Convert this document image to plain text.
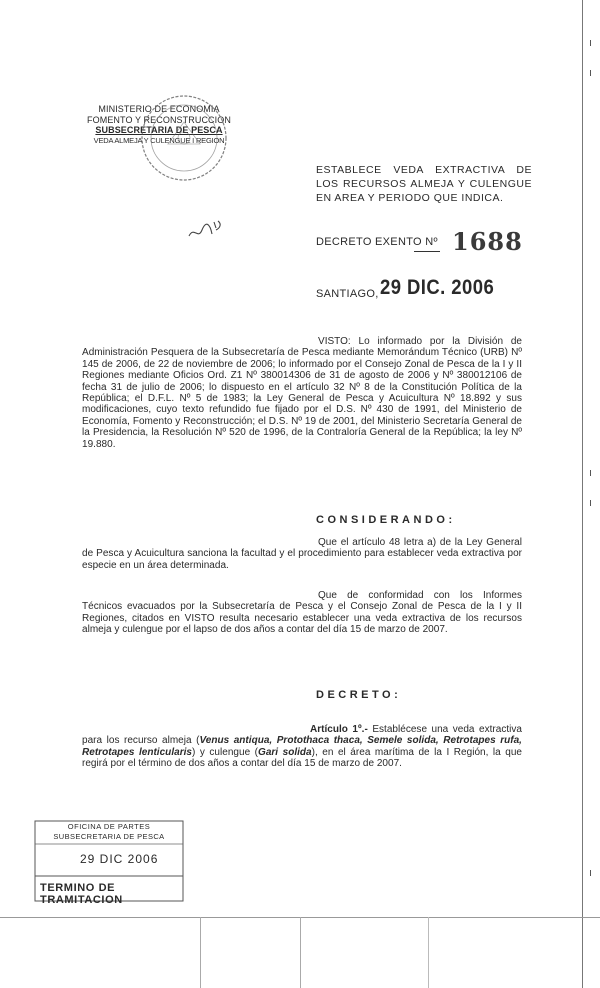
MINISTERIO DE ECONOMIA
FOMENTO Y RECONSTRUCCION
SUBSECRETARIA DE PESCA
VEDA ALMEJA Y CULENGUE I REGION
ESTABLECE VEDA EXTRACTIVA DE LOS RECURSOS ALMEJA Y CULENGUE EN AREA Y PERIODO QUE INDICA.
DECRETO EXENTO Nº 1688
SANTIAGO, 29 DIC. 2006
VISTO: Lo informado por la División de Administración Pesquera de la Subsecretaría de Pesca mediante Memorándum Técnico (URB) Nº 145 de 2006, de 22 de noviembre de 2006; lo informado por el Consejo Zonal de Pesca de la I y II Regiones mediante Oficios Ord. Z1 Nº 380014306 de 31 de agosto de 2006 y Nº 380012106 de fecha 31 de julio de 2006; lo dispuesto en el artículo 32 Nº 8 de la Constitución Política de la República; el D.F.L. Nº 5 de 1983; la Ley General de Pesca y Acuicultura Nº 18.892 y sus modificaciones, cuyo texto refundido fue fijado por el D.S. Nº 430 de 1991, del Ministerio de Economía, Fomento y Reconstrucción; el D.S. Nº 19 de 2001, del Ministerio Secretaría General de la Presidencia, la Resolución Nº 520 de 1996, de la Contraloría General de la República; la ley Nº 19.880.
CONSIDERANDO:
Que el artículo 48 letra a) de la Ley General de Pesca y Acuicultura sanciona la facultad y el procedimiento para establecer veda extractiva por especie en un área determinada.
Que de conformidad con los Informes Técnicos evacuados por la Subsecretaría de Pesca y el Consejo Zonal de Pesca de la I y II Regiones, citados en VISTO resulta necesario establecer una veda extractiva de los recursos almeja y culengue por el lapso de dos años a contar del día 15 de marzo de 2007.
DECRETO:
Artículo 1º.- Establécese una veda extractiva para los recurso almeja (Venus antiqua, Protothaca thaca, Semele solida, Retrotapes rufa, Retrotapes lenticularis) y culengue (Gari solida), en el área marítima de la I Región, la que regirá por el término de dos años a contar del día 15 de marzo de 2007.
OFICINA DE PARTES
SUBSECRETARIA DE PESCA
29 DIC 2006
TERMINO DE TRAMITACION
